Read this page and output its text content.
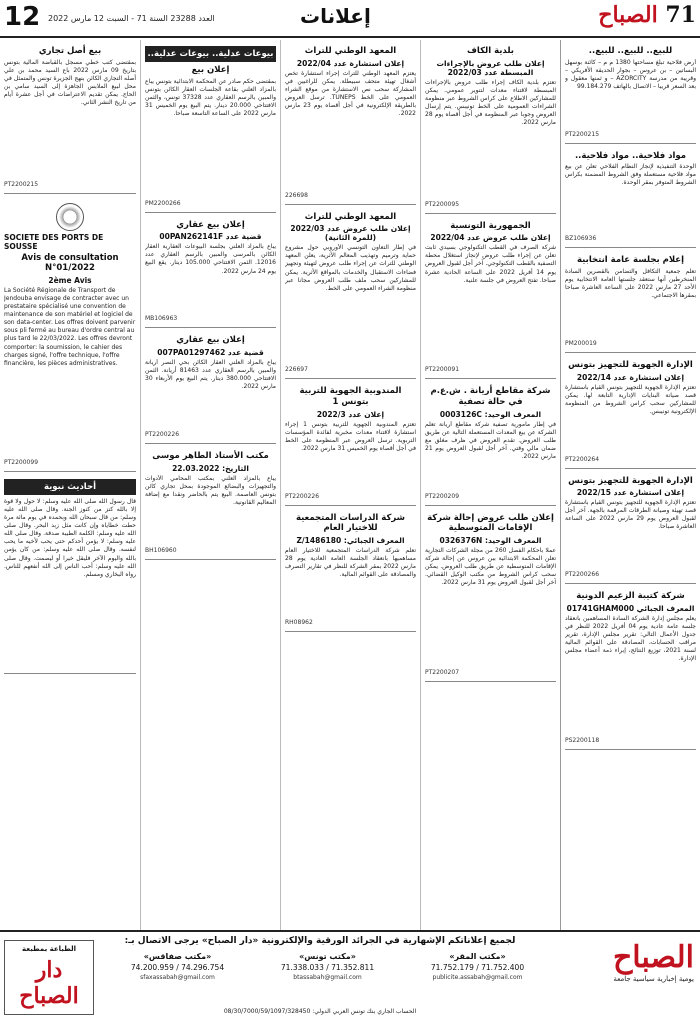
12 العدد 23288 السنة 71 - السبت 12 مارس 2022	إعلانات	71 الصباح
للبيع.. للبيع.. للبيع..
أرض فلاحية تبلغ مساحتها 1380 م م – كائنة بوسهل البساتين – بن عروس – بجوار الحديقة الأفريكي – وقريبة من مدرسة AZORCITY – و ثمنها معقول و بعد السعر قريبا – الاتصال بالهاتف 99.184.279
PT2200215
مواد فلاحية.. مواد فلاحية..
الوحدة التنفيذية لإنجاز النظام الفلاحي تعلن عن بيع مواد فلاحية مستعملة وفق الشروط المضمنة بكراس الشروط المتوفر بمقر الوحدة.
BZ106936
إعلام بجلسة عامة انتخابية
تعلم جمعية التكافل والتضامن بالقصرين السادة المنخرطين أنها ستعقد جلستها العامة الانتخابية يوم الأحد 27 مارس 2022 على الساعة العاشرة صباحا بمقرها الاجتماعي.
PM200019
الإدارة الجهوية للتجهيز بتونس
إعلان استشارة عدد 2022/14
تعتزم الإدارة الجهوية للتجهيز بتونس القيام باستشارة قصد صيانة البنايات الإدارية التابعة لها. يمكن للمشاركين سحب كراس الشروط من المنظومة الإلكترونية تونيبس.
PT2200264
الإدارة الجهوية للتجهيز بتونس
إعلان استشارة عدد 2022/15
تعتزم الإدارة الجهوية للتجهيز بتونس القيام باستشارة قصد تهيئة وصيانة الطرقات المرقمة بالجهة. آخر أجل لقبول العروض يوم 29 مارس 2022 على الساعة العاشرة صباحا.
PT2200266
شركة كتيبة الزعيم الدونية
المعرف الجبائي 01741GHAM000
يعلم مجلس إدارة الشركة السادة المساهمين بانعقاد جلسة عامة عادية يوم 04 أفريل 2022 للنظر في جدول الأعمال التالي: تقرير مجلس الإدارة، تقرير مراقب الحسابات، المصادقة على القوائم المالية لسنة 2021، توزيع النتائج، إبراء ذمة أعضاء مجلس الإدارة.
PS2200118
بلدية الكاف
إعلان طلب عروض بالإجراءات المبسطة عدد 2022/03
تعتزم بلدية الكاف إجراء طلب عروض بالإجراءات المبسطة لاقتناء معدات لتنوير عمومي. يمكن للمشاركين الاطلاع على كراس الشروط عبر منظومة الشراءات العمومية على الخط تونيبس. يتم إرسال العروض وجوبا عبر المنظومة في أجل أقصاه يوم 28 مارس 2022.
PT2200095
الجمهورية التونسية
إعلان طلب عروض عدد 2022/04
شركة الصرف في القطب التكنولوجي بسيدي ثابت تعلن عن إجراء طلب عروض لإنجاز استغلال محطة التصفية بالقطب التكنولوجي. آخر أجل لقبول العروض يوم 14 أفريل 2022 على الساعة الحادية عشرة صباحا. تفتح العروض في جلسة علنية.
PT2200091
شركة مقاطع أريانة . ش.ع.م في حالة تصفية
المعرف الوحيد: 0003126C
في إطار مأمورية تصفية شركة مقاطع أريانة تعلم الشركة عن بيع المعدات المستعملة التالية عن طريق طلب العروض. تقدم العروض في ظرف مغلق مع ضمان مالي وقتي. آخر أجل لقبول العروض يوم 21 مارس 2022.
PT2200209
إعلان طلب عروض إحالة شركة الإقامات المتوسطية
المعرف الوحيد: 0326376N
عملا بأحكام الفصل 260 من مجلة الشركات التجارية تعلن المحكمة الابتدائية ببن عروس عن إحالة شركة الإقامات المتوسطية عن طريق طلب العروض. يمكن سحب كراس الشروط من مكتب الوكيل القضائي. آخر أجل لقبول العروض يوم 31 مارس 2022.
PT2200207
المعهد الوطني للتراث
إعلان استشارة عدد 2022/04
يعتزم المعهد الوطني للتراث إجراء استشارة تخص أشغال تهيئة متحف سبيطلة. يمكن للراغبين في المشاركة سحب نص الاستشارة من موقع الشراء العمومي على الخط TUNEPS. ترسل العروض بالطريقة الإلكترونية في أجل أقصاه يوم 23 مارس 2022.
226698
المعهد الوطني للتراث
إعلان طلب عروض عدد 2022/03 (للمرة الثانية)
في إطار التعاون التونسي الأوروبي حول مشروع حماية وترميم وتهذيب المعالم الأثرية، يعلن المعهد الوطني للتراث عن إجراء طلب عروض لتهيئة وتجهيز فضاءات الاستقبال والخدمات بالمواقع الأثرية. يمكن للمشاركين سحب ملف طلب العروض مجانا عبر منظومة الشراء العمومي على الخط.
226697
المندوبية الجهوية للتربية بتونس 1
إعلان عدد 2022/3
تعتزم المندوبية الجهوية للتربية بتونس 1 إجراء استشارة لاقتناء معدات مخبرية لفائدة المؤسسات التربوية. ترسل العروض عبر المنظومة على الخط في أجل أقصاه يوم الخميس 31 مارس 2022.
PT2200226
شركة الدراسات المتجمعية للاختيار العام
المعرف الجبائي: 1486180/Z
تعلم شركة الدراسات المتجمعية للاختيار العام مساهميها بانعقاد الجلسة العامة العادية يوم 28 مارس 2022 بمقر الشركة للنظر في تقارير التصرف والمصادقة على القوائم المالية.
RH08962
بيوعات عدلية.. بيوعات عدلية..
إعلان بيع
بمقتضى حكم صادر عن المحكمة الابتدائية بتونس يباع بالمزاد العلني بقاعة الجلسات العقار الكائن بتونس والمبين بالرسم العقاري عدد 37328 تونس، والثمن الافتتاحي 20.000 دينار. يتم البيع يوم الخميس 31 مارس 2022 على الساعة التاسعة صباحا.
PM2200266
إعلان بيع عقاري
قضية عدد 00PAN262141F
يباع بالمزاد العلني بجلسة البيوعات العقارية العقار الكائن بالمرسى والمبين بالرسم العقاري عدد 12016. الثمن الافتتاحي 105.000 دينار. يقع البيع يوم 24 مارس 2022.
MB106963
إعلان بيع عقاري
قضية عدد 007PA01297462
يباع بالمزاد العلني العقار الكائن بحي النصر أريانة والمبين بالرسم العقاري عدد 81463 أريانة. الثمن الافتتاحي 380.000 دينار. يتم البيع يوم الأربعاء 30 مارس 2022.
PT2200226
مكتب الأستاذ الطاهر موسى
التاريخ: 22.03.2022
يباع بالمزاد العلني بمكتب المحامي الأدوات والتجهيزات والبضائع الموجودة بمحل تجاري كائن بتونس العاصمة. البيع يتم بالحاضر ونقدا مع إضافة المعاليم القانونية.
BH106960
بيع أصل تجاري
بمقتضى كتب خطي مسجل بالقباضة المالية بتونس بتاريخ 09 مارس 2022 باع السيد محمد بن علي أصله التجاري الكائن بنهج الجزيرة تونس والمتمثل في محل لبيع الملابس الجاهزة إلى السيد سامي بن الحاج. يمكن تقديم الاعتراضات في أجل عشرة أيام من تاريخ النشر الثاني.
PT2200215
SOCIETE DES PORTS DE SOUSSE
Avis de consultation N°01/2022
2ème Avis
La Société Régionale de Transport de Jendouba envisage de contracter avec un prestataire spécialisé une convention de maintenance de son matériel et logiciel de son data-center. Les offres doivent parvenir sous pli fermé au bureau d'ordre central au plus tard le 22/03/2022. Les offres devront comporter: la soumission, le cahier des charges signé, l'offre technique, l'offre financière, les pièces administratives.
PT2200099
أحاديث نبوية
قال رسول الله صلى الله عليه وسلم: لا حول ولا قوة إلا بالله كنز من كنوز الجنة. وقال صلى الله عليه وسلم: من قال سبحان الله وبحمده في يوم مائة مرة حطت خطاياه وإن كانت مثل زبد البحر. وقال صلى الله عليه وسلم: الكلمة الطيبة صدقة. وقال صلى الله عليه وسلم: لا يؤمن أحدكم حتى يحب لأخيه ما يحب لنفسه. وقال صلى الله عليه وسلم: من كان يؤمن بالله واليوم الآخر فليقل خيرا أو ليصمت. وقال صلى الله عليه وسلم: أحب الناس إلى الله أنفعهم للناس. رواه البخاري ومسلم.
الصباح
يومية إخبارية سياسية جامعة
لجميع إعلاناتكم الإشهارية في الجرائد الورقية والإلكترونية «دار الصباح» يرجى الاتصال بـ:
«مكتب المقر»
71.752.179 / 71.752.400
publicite.assabah@gmail.com
«مكتب تونس»
71.338.033 / 71.352.811
btassabah@gmail.com
«مكتب صفاقس»
74.200.959 / 74.296.754
sfaxassabah@gmail.com
الحساب الجاري بنك تونس العربي الدولي: 08/30/7000/59/1097/328450
الطباعة بمطبعة
دار الصباح
